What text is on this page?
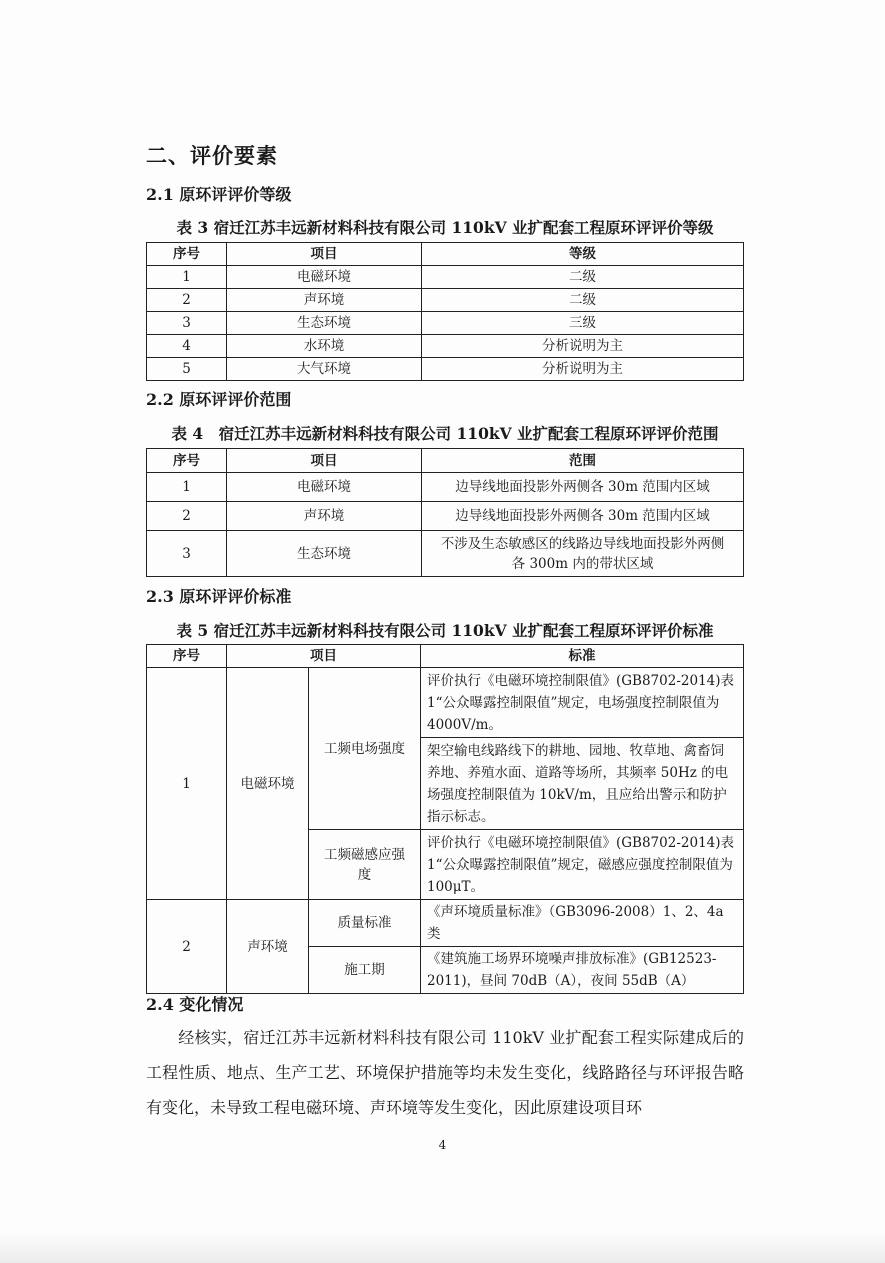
二、评价要素
2.1 原环评评价等级
表 3 宿迁江苏丰远新材料科技有限公司 110kV 业扩配套工程原环评评价等级
序号	项目	等级
1	电磁环境	二级
2	声环境	二级
3	生态环境	三级
4	水环境	分析说明为主
5	大气环境	分析说明为主
2.2 原环评评价范围
表 4　宿迁江苏丰远新材料科技有限公司 110kV 业扩配套工程原环评评价范围
序号	项目	范围
1	电磁环境	边导线地面投影外两侧各 30m 范围内区域
2	声环境	边导线地面投影外两侧各 30m 范围内区域
3	生态环境	不涉及生态敏感区的线路边导线地面投影外两侧各 300m 内的带状区域
2.3 原环评评价标准
表 5 宿迁江苏丰远新材料科技有限公司 110kV 业扩配套工程原环评评价标准
序号	项目		标准
1	电磁环境	工频电场强度	评价执行《电磁环境控制限值》(GB8702-2014)表 1“公众曝露控制限值”规定，电场强度控制限值为 4000V/m。
			架空输电线路线下的耕地、园地、牧草地、禽畜饲养地、养殖水面、道路等场所，其频率 50Hz 的电场强度控制限值为 10kV/m，且应给出警示和防护指示标志。
		工频磁感应强度	评价执行《电磁环境控制限值》(GB8702-2014)表 1“公众曝露控制限值”规定，磁感应强度控制限值为 100μT。
2	声环境	质量标准	《声环境质量标准》（GB3096-2008）1、2、4a 类
		施工期	《建筑施工场界环境噪声排放标准》(GB12523-2011)，昼间 70dB（A），夜间 55dB（A）
2.4 变化情况
经核实，宿迁江苏丰远新材料科技有限公司 110kV 业扩配套工程实际建成后的工程性质、地点、生产工艺、环境保护措施等均未发生变化，线路路径与环评报告略有变化，未导致工程电磁环境、声环境等发生变化，因此原建设项目环
4
